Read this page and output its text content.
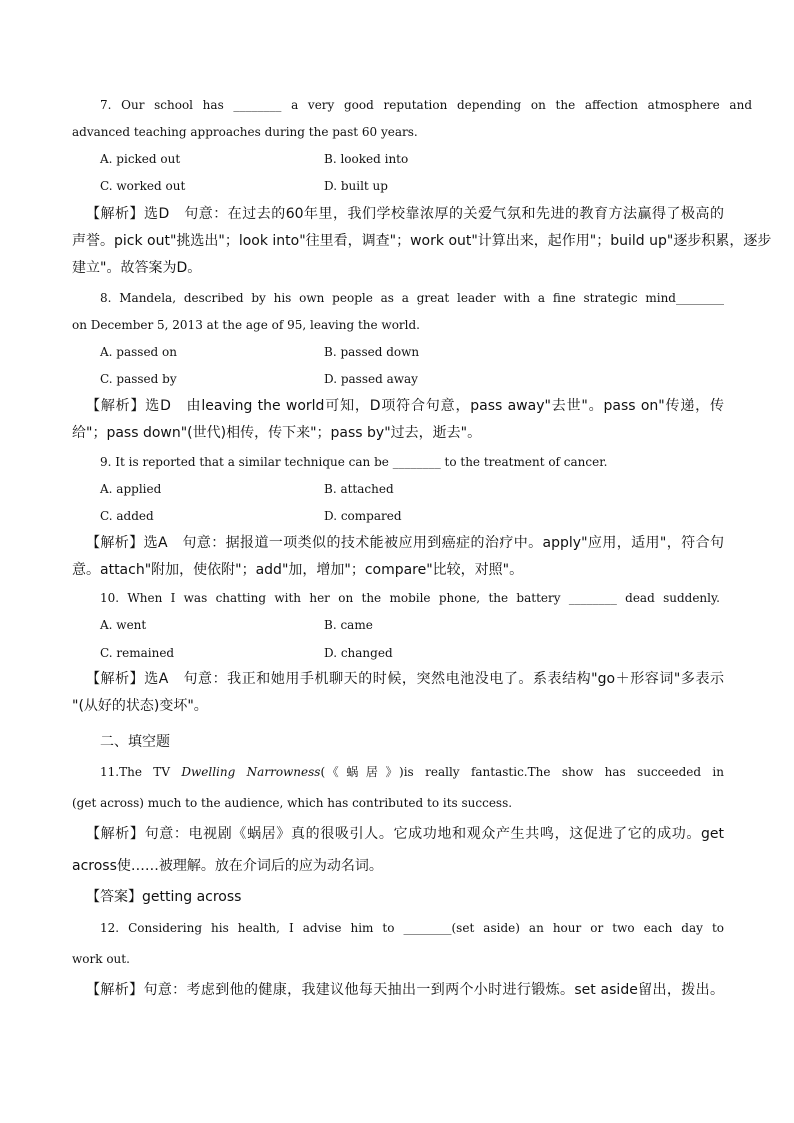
7. Our school has ________ a very good reputation depending on the affection atmosphere and
advanced teaching approaches during the past 60 years.
A. picked out	B. looked into
C. worked out	D. built up
【解析】选D　句意：在过去的60年里，我们学校靠浓厚的关爱气氛和先进的教育方法赢得了极高的
声誉。pick out"挑选出"；look into"往里看，调查"；work out"计算出来，起作用"；build up"逐步积累，逐步
建立"。故答案为D。
8. Mandela, described by his own people as a great leader with a fine strategic mind________
on December 5, 2013 at the age of 95, leaving the world.
A. passed on	B. passed down
C. passed by	D. passed away
【解析】选D　由leaving the world可知，D项符合句意，pass away"去世"。pass on"传递，传
给"；pass down"(世代)相传，传下来"；pass by"过去，逝去"。
9. It is reported that a similar technique can be ________ to the treatment of cancer.
A. applied	B. attached
C. added	D. compared
【解析】选A　句意：据报道一项类似的技术能被应用到癌症的治疗中。apply"应用，适用"，符合句
意。attach"附加，使依附"；add"加，增加"；compare"比较，对照"。
10. When I was chatting with her on the mobile phone, the battery ________ dead suddenly.
A. went	B. came
C. remained	D. changed
【解析】选A　句意：我正和她用手机聊天的时候，突然电池没电了。系表结构"go＋形容词"多表示
"(从好的状态)变坏"。
二、填空题
11.The TV Dwelling Narrowness(《蜗居》)is really fantastic.The show has succeeded in
(get across) much to the audience, which has contributed to its success.
【解析】句意：电视剧《蜗居》真的很吸引人。它成功地和观众产生共鸣，这促进了它的成功。get
across使……被理解。放在介词后的应为动名词。
【答案】getting across
12. Considering his health, I advise him to ________(set aside) an hour or two each day to
work out.
【解析】句意：考虑到他的健康，我建议他每天抽出一到两个小时进行锻炼。set aside留出，拨出。
